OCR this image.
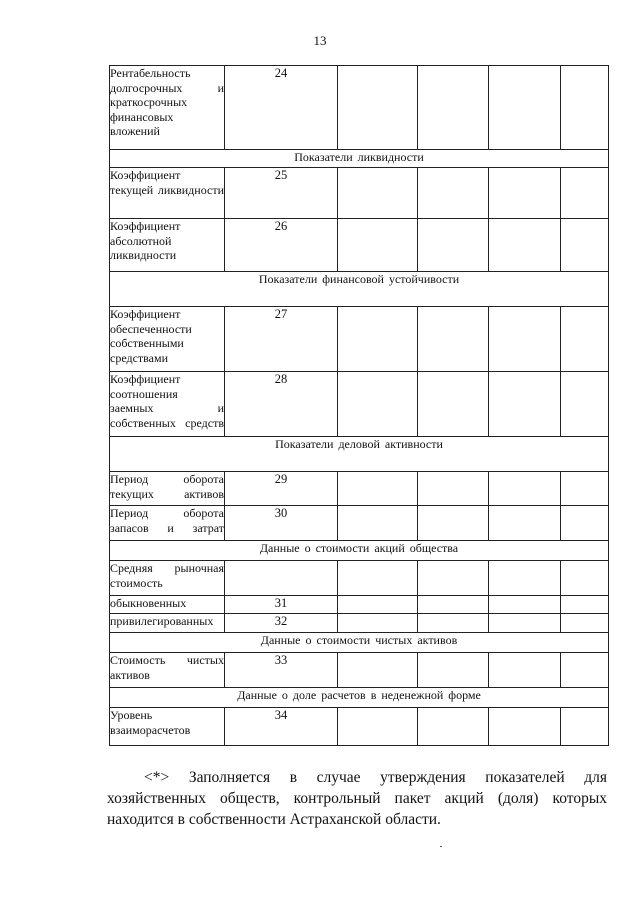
13
Рентабельность долгосрочных и краткосрочных финансовых вложений	24				
Показатели ликвидности					
Коэффициент текущей ликвидности	25				
Коэффициент абсолютной ликвидности	26				
Показатели финансовой устойчивости					
Коэффициент обеспеченности собственными средствами	27				
Коэффициент соотношения заемных и собственных средств	28				
Показатели деловой активности					
Период оборота текущих активов	29				
Период оборота запасов и затрат	30				
Данные о стоимости акций общества					
Средняя рыночная стоимость					
обыкновенных	31				
привилегированных	32				
Данные о стоимости чистых активов					
Стоимость чистых активов	33				
Данные о доле расчетов в неденежной форме					
Уровень взаиморасчетов	34				
<*> Заполняется в случае утверждения показателей для хозяйственных обществ, контрольный пакет акций (доля) которых находится в собственности Астраханской области.
